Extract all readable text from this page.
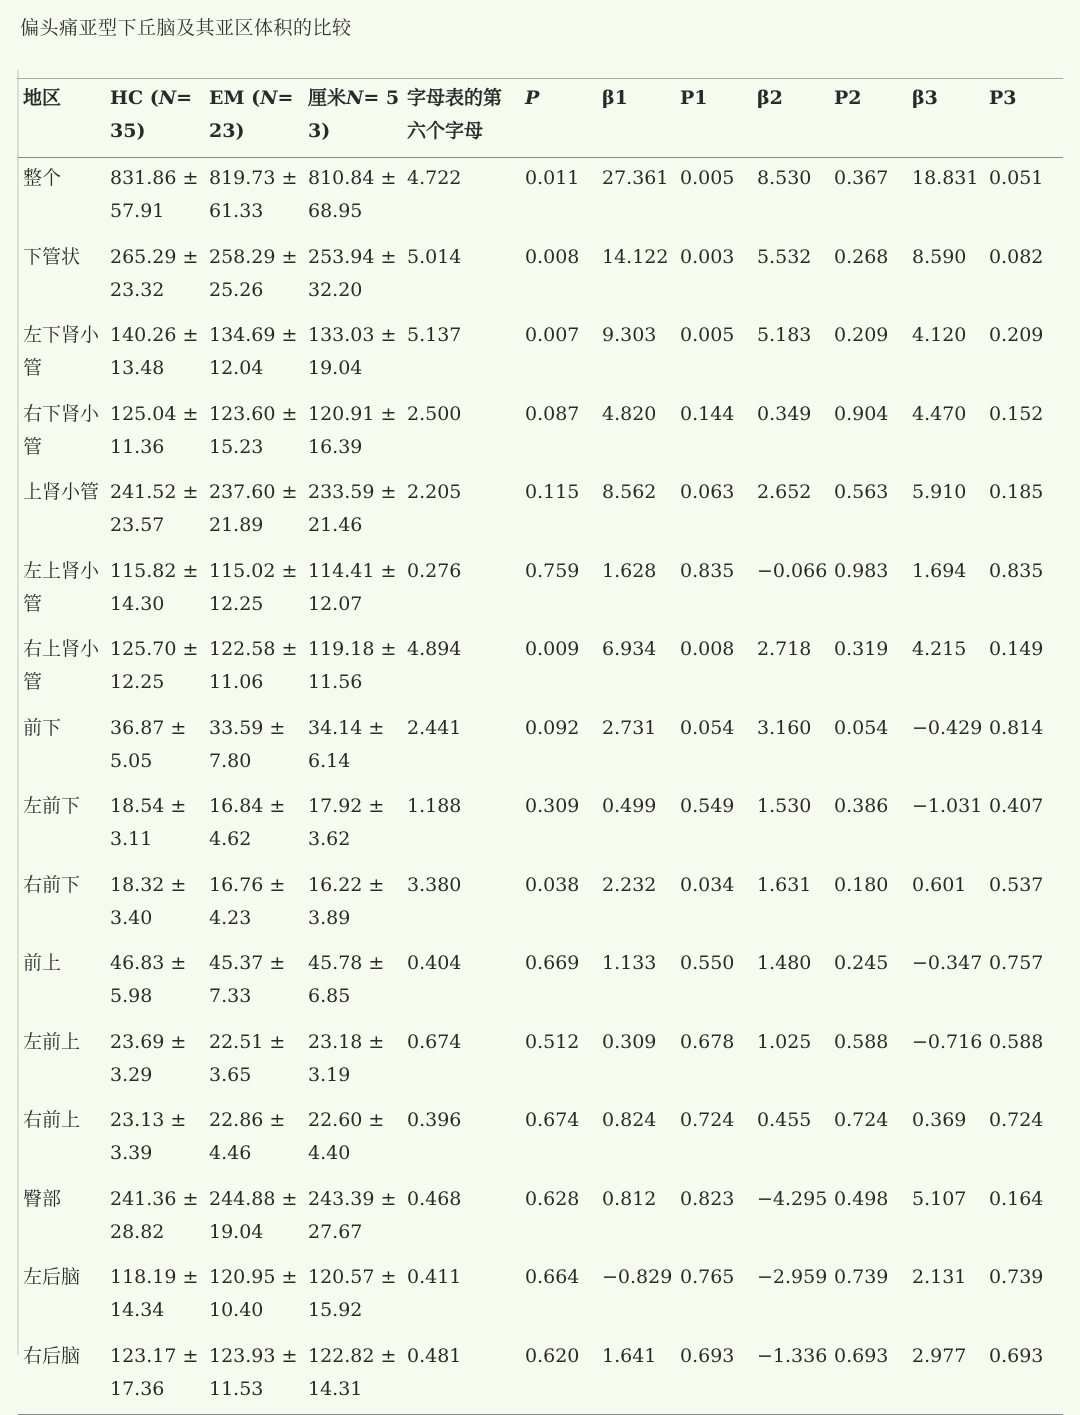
偏头痛亚型下丘脑及其亚区体积的比较
地区	HC (N= 35)	EM (N= 23)	厘米N= 53)	字母表的第六个字母	P	β1	P1	β2	P2	β3	P3
整个	831.86 ± 57.91	819.73 ± 61.33	810.84 ± 68.95	4.722	0.011	27.361	0.005	8.530	0.367	18.831	0.051
下管状	265.29 ± 23.32	258.29 ± 25.26	253.94 ± 32.20	5.014	0.008	14.122	0.003	5.532	0.268	8.590	0.082
左下肾小管	140.26 ± 13.48	134.69 ± 12.04	133.03 ± 19.04	5.137	0.007	9.303	0.005	5.183	0.209	4.120	0.209
右下肾小管	125.04 ± 11.36	123.60 ± 15.23	120.91 ± 16.39	2.500	0.087	4.820	0.144	0.349	0.904	4.470	0.152
上肾小管	241.52 ± 23.57	237.60 ± 21.89	233.59 ± 21.46	2.205	0.115	8.562	0.063	2.652	0.563	5.910	0.185
左上肾小管	115.82 ± 14.30	115.02 ± 12.25	114.41 ± 12.07	0.276	0.759	1.628	0.835	−0.066	0.983	1.694	0.835
右上肾小管	125.70 ± 12.25	122.58 ± 11.06	119.18 ± 11.56	4.894	0.009	6.934	0.008	2.718	0.319	4.215	0.149
前下	36.87 ± 5.05	33.59 ± 7.80	34.14 ± 6.14	2.441	0.092	2.731	0.054	3.160	0.054	−0.429	0.814
左前下	18.54 ± 3.11	16.84 ± 4.62	17.92 ± 3.62	1.188	0.309	0.499	0.549	1.530	0.386	−1.031	0.407
右前下	18.32 ± 3.40	16.76 ± 4.23	16.22 ± 3.89	3.380	0.038	2.232	0.034	1.631	0.180	0.601	0.537
前上	46.83 ± 5.98	45.37 ± 7.33	45.78 ± 6.85	0.404	0.669	1.133	0.550	1.480	0.245	−0.347	0.757
左前上	23.69 ± 3.29	22.51 ± 3.65	23.18 ± 3.19	0.674	0.512	0.309	0.678	1.025	0.588	−0.716	0.588
右前上	23.13 ± 3.39	22.86 ± 4.46	22.60 ± 4.40	0.396	0.674	0.824	0.724	0.455	0.724	0.369	0.724
臀部	241.36 ± 28.82	244.88 ± 19.04	243.39 ± 27.67	0.468	0.628	0.812	0.823	−4.295	0.498	5.107	0.164
左后脑	118.19 ± 14.34	120.95 ± 10.40	120.57 ± 15.92	0.411	0.664	−0.829	0.765	−2.959	0.739	2.131	0.739
右后脑	123.17 ± 17.36	123.93 ± 11.53	122.82 ± 14.31	0.481	0.620	1.641	0.693	−1.336	0.693	2.977	0.693
